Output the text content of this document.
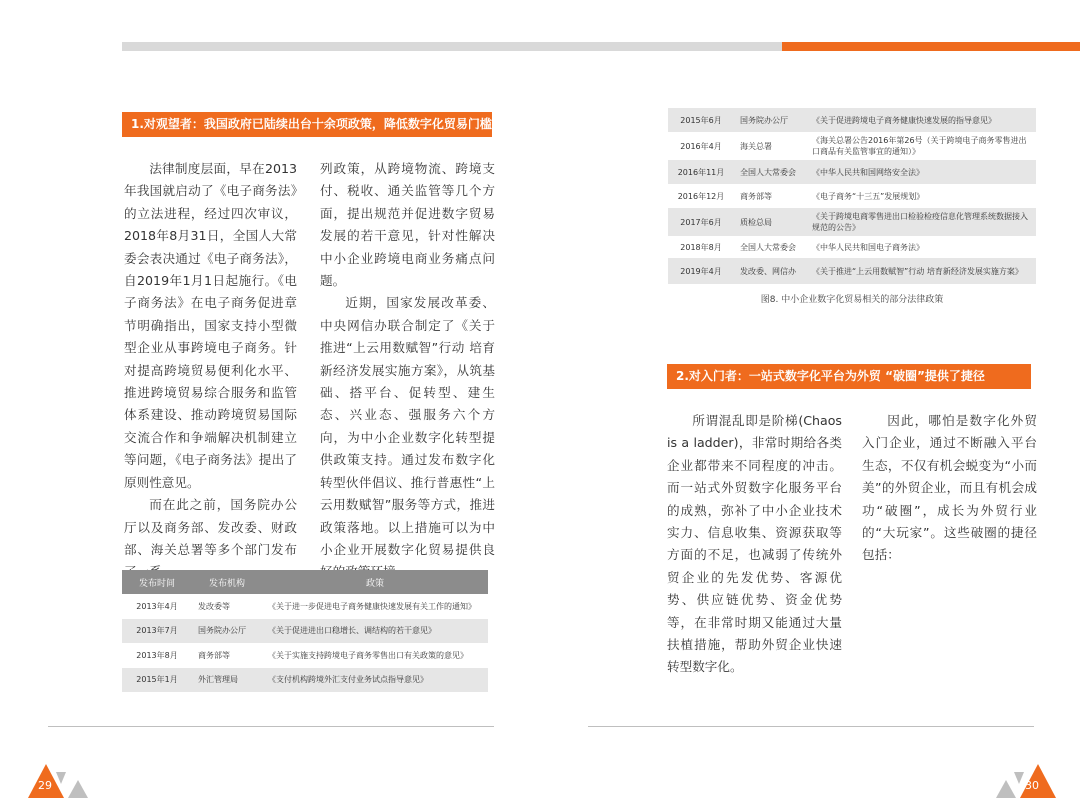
1.对观望者：我国政府已陆续出台十余项政策，降低数字化贸易门槛

法律制度层面，早在2013年我国就启动了《电子商务法》的立法进程，经过四次审议，2018年8月31日，全国人大常委会表决通过《电子商务法》，自2019年1月1日起施行。《电子商务法》在电子商务促进章节明确指出，国家支持小型微型企业从事跨境电子商务。针对提高跨境贸易便利化水平、推进跨境贸易综合服务和监管体系建设、推动跨境贸易国际交流合作和争端解决机制建立等问题，《电子商务法》提出了原则性意见。

而在此之前，国务院办公厅以及商务部、发改委、财政部、海关总署等多个部门发布

列政策，从跨境物流、跨境支付、税收、通关监管等几个方面，提出规范并促进数字贸易发展的若干意见，针对性解决中小企业跨境电商业务痛点问题。

近期，国家发展改革委、中央网信办联合制定了《关于推进“上云用数赋智”行动 培育新经济发展实施方案》，从筑基础、搭平台、促转型、建生态、兴业态、强服务六个方向，为中小企业数字化转型提供政策支持。通过发布数字化转型伙伴倡议、推行普惠性“上云用数赋智”服务等方式，推进政策落地。以上措施可以为中小企业开展数字化贸易提供良

发布时间	发布机构	政策
2013年4月	发改委等	《关于进一步促进电子商务健康快速发展有关工作的通知》
2013年7月	国务院办公厅	《关于促进进出口稳增长、调结构的若干意见》
2013年8月	商务部等	《关于实施支持跨境电子商务零售出口有关政策的意见》
2015年1月	外汇管理局	《支付机构跨境外汇支付业务试点指导意见》
29
2015年6月	国务院办公厅	《关于促进跨境电子商务健康快速发展的指导意见》
2016年4月	海关总署	《海关总署公告2016年第26号（关于跨境电子商务零售进出口商品有关监管事宜的通知）》
2016年11月	全国人大常委会	《中华人民共和国网络安全法》
2016年12月	商务部等	《电子商务“十三五”发展规划》
2017年6月	质检总局	《关于跨境电商零售进出口检验检疫信息化管理系统数据接入规范的公告》
2018年8月	全国人大常委会	《中华人民共和国电子商务法》
2019年4月	发改委、网信办	《关于推进“上云用数赋智”行动 培育新经济发展实施方案》
图8. 中小企业数字化贸易相关的部分法律政策
2.对入门者：一站式数字化平台为外贸 “破圈”提供了捷径

所谓混乱即是阶梯(Chaos is a ladder)，非常时期给各类企业都带来不同程度的冲击。而一站式外贸数字化服务平台的成熟，弥补了中小企业技术实力、信息收集、资源获取等方面的不足，也减弱了传统外贸企业的先发优势、客源优势、供应链优势、资金优势等，在非常时期又能通过大量扶植措施，帮助外贸企业快速转型数字化。

因此，哪怕是数字化外贸入门企业，通过不断融入平台生态，不仅有机会蜕变为“小而美”的外贸企业，而且有机会成功“破圈”，成长为外贸行业的“大玩家”。这些破圈的捷径包括：

30
